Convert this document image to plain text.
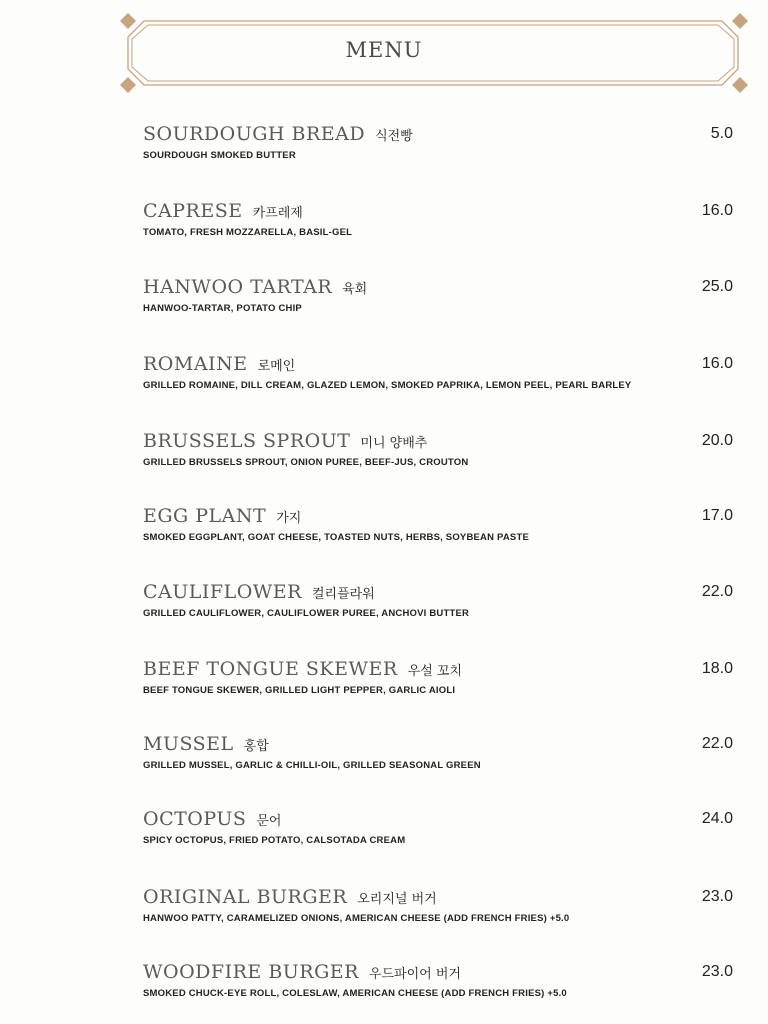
MENU
SOURDOUGH BREAD 식전빵	5.0
SOURDOUGH SMOKED BUTTER
CAPRESE 카프레제	16.0
TOMATO, FRESH MOZZARELLA, BASIL-GEL
HANWOO TARTAR 육회	25.0
HANWOO-TARTAR, POTATO CHIP
ROMAINE 로메인	16.0
GRILLED ROMAINE, DILL CREAM, GLAZED LEMON, SMOKED PAPRIKA, LEMON PEEL, PEARL BARLEY
BRUSSELS SPROUT 미니 양배추	20.0
GRILLED BRUSSELS SPROUT, ONION PUREE, BEEF-JUS, CROUTON
EGG PLANT 가지	17.0
SMOKED EGGPLANT, GOAT CHEESE, TOASTED NUTS, HERBS, SOYBEAN PASTE
CAULIFLOWER 컬리플라워	22.0
GRILLED CAULIFLOWER, CAULIFLOWER PUREE, ANCHOVI BUTTER
BEEF TONGUE SKEWER 우설 꼬치	18.0
BEEF TONGUE SKEWER, GRILLED LIGHT PEPPER, GARLIC AIOLI
MUSSEL 홍합	22.0
GRILLED MUSSEL, GARLIC & CHILLI-OIL, GRILLED SEASONAL GREEN
OCTOPUS 문어	24.0
SPICY OCTOPUS, FRIED POTATO, CALSOTADA CREAM
ORIGINAL BURGER 오리지널 버거	23.0
HANWOO PATTY, CARAMELIZED ONIONS, AMERICAN CHEESE (ADD FRENCH FRIES) +5.0
WOODFIRE BURGER 우드파이어 버거	23.0
SMOKED CHUCK-EYE ROLL, COLESLAW, AMERICAN CHEESE (ADD FRENCH FRIES) +5.0
